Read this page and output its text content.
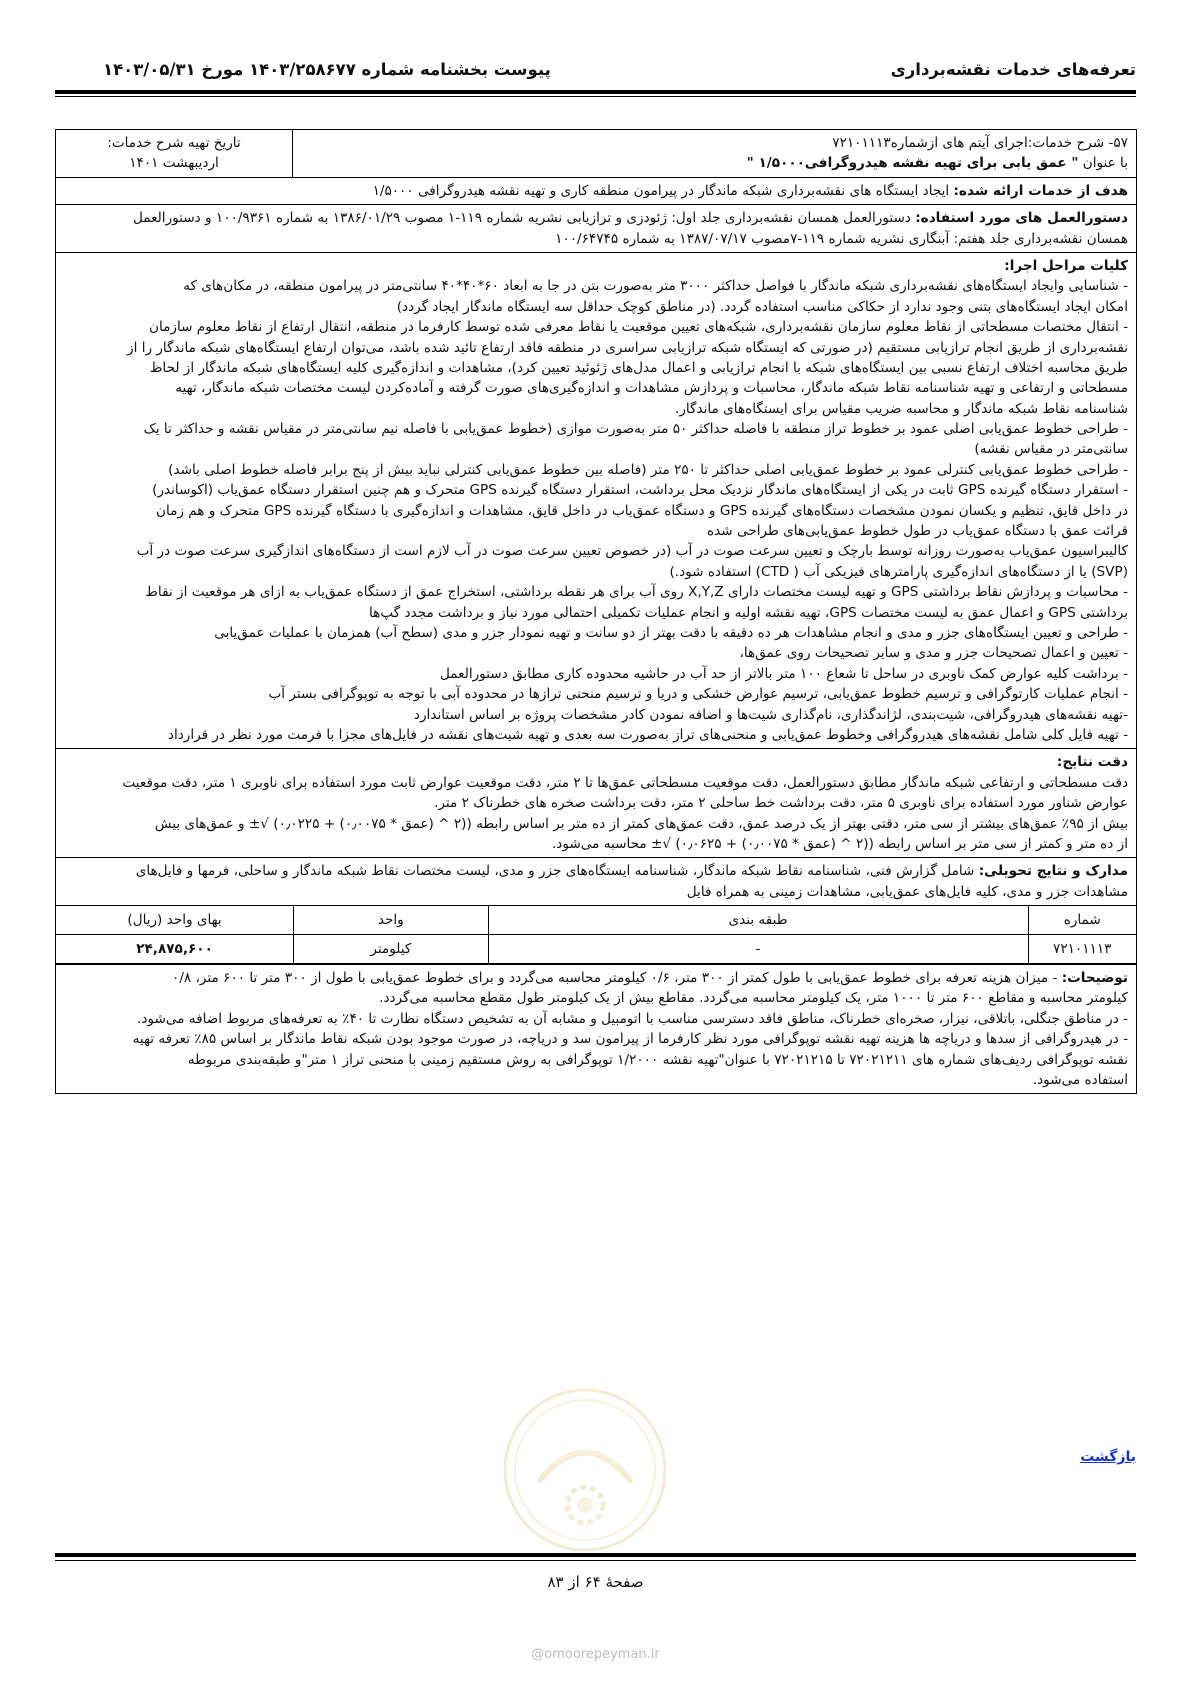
تعرفه‌های خدمات نقشه‌برداری
پیوست بخشنامه شماره ۱۴۰۳/۲۵۸۶۷۷ مورخ ۱۴۰۳/۰۵/۳۱
۵۷- شرح خدمات:اجرای آیتم های ازشماره۷۲۱۰۱۱۱۳
با عنوان " عمق یابی برای تهیه نقشه هیدروگرافی۱/۵۰۰۰ "
تاریخ تهیه شرح خدمات:
اردیبهشت ۱۴۰۱
هدف از خدمات ارائه شده: ایجاد ایستگاه های نقشه‌برداری شبکه ماندگار در پیرامون منطقه کاری و تهیه نقشه هیدروگرافی ۱/۵۰۰۰
دستورالعمل های مورد استفاده: دستورالعمل همسان نقشه‌برداری جلد اول: ژئودزی و ترازیابی نشریه شماره ۱۱۹-۱ مصوب ۱۳۸۶/۰۱/۲۹ به شماره ۱۰۰/۹۳۶۱ و دستورالعمل
همسان نقشه‌برداری جلد هفتم: آبنگاری نشریه شماره ۱۱۹-۷مصوب ۱۳۸۷/۰۷/۱۷ به شماره ۱۰۰/۶۴۷۴۵
کلیات مراحل اجرا:
- شناسایی وایجاد ایستگاه‌های نقشه‌برداری شبکه ماندگار با فواصل حداکثر ۳۰۰۰ متر به‌صورت بتن در جا به ابعاد ۶۰*۴۰*۴۰ سانتی‌متر در پیرامون منطقه، در مکان‌های که
امکان ایجاد ایستگاه‌های بتنی وجود ندارد از حکاکی مناسب استفاده گردد. (در مناطق کوچک حداقل سه ایستگاه ماندگار ایجاد گردد)
- انتقال مختصات مسطحاتی از نقاط معلوم سازمان نقشه‌برداری، شبکه‌های تعیین موقعیت یا نقاط معرفی شده توسط کارفرما در منطقه، انتقال ارتفاع از نقاط معلوم سازمان
نقشه‌برداری از طریق انجام ترازیابی مستقیم (در صورتی که ایستگاه شبکه ترازیابی سراسری در منطقه فاقد ارتفاع تائید شده باشد، می‌توان ارتفاع ایستگاه‌های شبکه ماندگار را از
طریق محاسبه اختلاف ارتفاع نسبی بین ایستگاه‌های شبکه با انجام ترازیابی و اعمال مدل‌های ژئوئید تعیین کرد)، مشاهدات و اندازه‌گیری کلیه ایستگاه‌های شبکه ماندگار از لحاظ
مسطحاتی و ارتفاعی و تهیه شناسنامه نقاط شبکه ماندگار، محاسبات و پردازش مشاهدات و اندازه‌گیری‌های صورت گرفته و آماده‌کردن لیست مختصات شبکه ماندگار، تهیه
شناسنامه نقاط شبکه ماندگار و محاسبه ضریب مقیاس برای ایستگاه‌های ماندگار.
- طراحی خطوط عمق‌یابی اصلی عمود بر خطوط تراز منطقه با فاصله حداکثر ۵۰ متر به‌صورت موازی (خطوط عمق‌یابی با فاصله نیم سانتی‌متر در مقیاس نقشه و حداکثر تا یک
سانتی‌متر در مقیاس نقشه)
- طراحی خطوط عمق‌یابی کنترلی عمود بر خطوط عمق‌یابی اصلی حداکثر تا ۲۵۰ متر (فاصله بین خطوط عمق‌یابی کنترلی نباید بیش از پنج برابر فاصله خطوط اصلی باشد)
- استقرار دستگاه گیرنده GPS ثابت در یکی از ایستگاه‌های ماندگار نزدیک محل برداشت، استقرار دستگاه گیرنده GPS متحرک و هم چنین استقرار دستگاه عمق‌یاب (اکوساندر)
در داخل قایق، تنظیم و یکسان نمودن مشخصات دستگاه‌های گیرنده GPS و دستگاه عمق‌یاب در داخل قایق، مشاهدات و اندازه‌گیری با دستگاه گیرنده GPS متحرک و هم زمان
قرائت عمق با دستگاه عمق‌یاب در طول خطوط عمق‌یابی‌های طراحی شده
کالیبراسیون عمق‌یاب به‌صورت روزانه توسط بارچک و تعیین سرعت صوت در آب (در خصوص تعیین سرعت صوت در آب لازم است از دستگاه‌های اندازگیری سرعت صوت در آب
(SVP) یا از دستگاه‌های اندازه‌گیری پارامترهای فیزیکی آب ( CTD) استفاده شود.)
- محاسبات و پردازش نقاط برداشتی GPS و تهیه لیست مختصات دارای X,Y,Z روی آب برای هر نقطه برداشتی، استخراج عمق از دستگاه عمق‌یاب به ازای هر موقعیت از نقاط
برداشتی GPS و اعمال عمق به لیست مختصات GPS، تهیه نقشه اولیه و انجام عملیات تکمیلی احتمالی مورد نیاز و برداشت مجدد گپ‌ها
- طراحی و تعیین ایستگاه‌های جزر و مدی و انجام مشاهدات هر ده دقیقه با دقت بهتر از دو سانت و تهیه نمودار جزر و مدی (سطح آب) همزمان با عملیات عمق‌یابی
- تعیین و اعمال تصحیحات جزر و مدی و سایر تصحیحات روی عمق‌ها،
- برداشت کلیه عوارض کمک ناوبری در ساحل تا شعاع ۱۰۰ متر بالاتر از حد آب در حاشیه محدوده کاری مطابق دستورالعمل
- انجام عملیات کارتوگرافی و ترسیم خطوط عمق‌یابی، ترسیم عوارض خشکی و دریا و ترسیم منحنی ترازها در محدوده آبی با توجه به توپوگرافی بستر آب
-تهیه نقشه‌های هیدروگرافی، شیت‌بندی، لژاندگذاری، نام‌گذاری شیت‌ها و اضافه نمودن کادر مشخصات پروژه بر اساس استاندارد
- تهیه فایل کلی شامل نقشه‌های هیدروگرافی وخطوط عمق‌یابی و منحنی‌های تراز به‌صورت سه بعدی و تهیه شیت‌های نقشه در فایل‌های مجزا با فرمت مورد نظر در قرارداد
دقت نتایج:
دقت مسطحاتی و ارتفاعی شبکه ماندگار مطابق دستورالعمل، دقت موقعیت مسطحاتی عمق‌ها تا ۲ متر، دقت موقعیت عوارض ثابت مورد استفاده برای ناوبری ۱ متر، دقت موقعیت
عوارض شناور مورد استفاده برای ناوبری ۵ متر، دقت برداشت خط ساحلی ۲ متر، دقت برداشت صخره های خطرناک ۲ متر.
بیش از ۹۵٪ عمق‌های بیشتر از سی متر، دقتی بهتر از یک درصد عمق، دقت عمق‌های کمتر از ده متر بر اساس رابطه ((۲ ^ (عمق * ۰٫۰۰۷۵) + ۰٫۰۲۲۵) √± و عمق‌های بیش
از ده متر و کمتر از سی متر بر اساس رابطه ((۲ ^ (عمق * ۰٫۰۰۷۵) + ۰٫۰۶۲۵) √± محاسبه می‌شود.
مدارک و نتایج تحویلی: شامل گزارش فنی، شناسنامه نقاط شبکه ماندگار، شناسنامه ایستگاه‌های جزر و مدی، لیست مختصات نقاط شبکه ماندگار و ساحلی، فرمها و فایل‌های
مشاهدات جزر و مدی، کلیه فایل‌های عمق‌یابی، مشاهدات زمینی به همراه فایل
شماره	طبقه بندی	واحد	بهای واحد (ریال)
۷۲۱۰۱۱۱۳	-	کیلومتر	۲۴,۸۷۵,۶۰۰
توضیحات: - میزان هزینه تعرفه برای خطوط عمق‌یابی با طول کمتر از ۳۰۰ متر، ۰/۶ کیلومتر محاسبه می‌گردد و برای خطوط عمق‌یابی با طول از ۳۰۰ متر تا ۶۰۰ متر، ۰/۸
کیلومتر محاسبه و مقاطع ۶۰۰ متر تا ۱۰۰۰ متر، یک کیلومتر محاسبه می‌گردد. مقاطع بیش از یک کیلومتر طول مقطع محاسبه می‌گردد.
- در مناطق جنگلی، باتلاقی، نیزار، صخره‌ای خطرناک، مناطق فاقد دسترسی مناسب با اتومبیل و مشابه آن به تشخیص دستگاه نظارت تا ۴۰٪ به تعرفه‌های مربوط اضافه می‌شود.
- در هیدروگرافی از سدها و دریاچه ها هزینه تهیه نقشه توپوگرافی مورد نظر کارفرما از پیرامون سد و دریاچه، در صورت موجود بودن شبکه نقاط ماندگار بر اساس ۸۵٪ تعرفه تهیه
نقشه توپوگرافی ردیف‌های شماره های ۷۲۰۲۱۲۱۱ تا ۷۲۰۲۱۲۱۵ با عنوان"تهیه نقشه ۱/۲۰۰۰ توپوگرافی به روش مستقیم زمینی با منحنی تراز ۱ متر"و طبقه‌بندی مربوطه
استفاده می‌شود.
بازگشت
صفحهٔ ۶۴ از ۸۳
@omoorepeyman.ir
